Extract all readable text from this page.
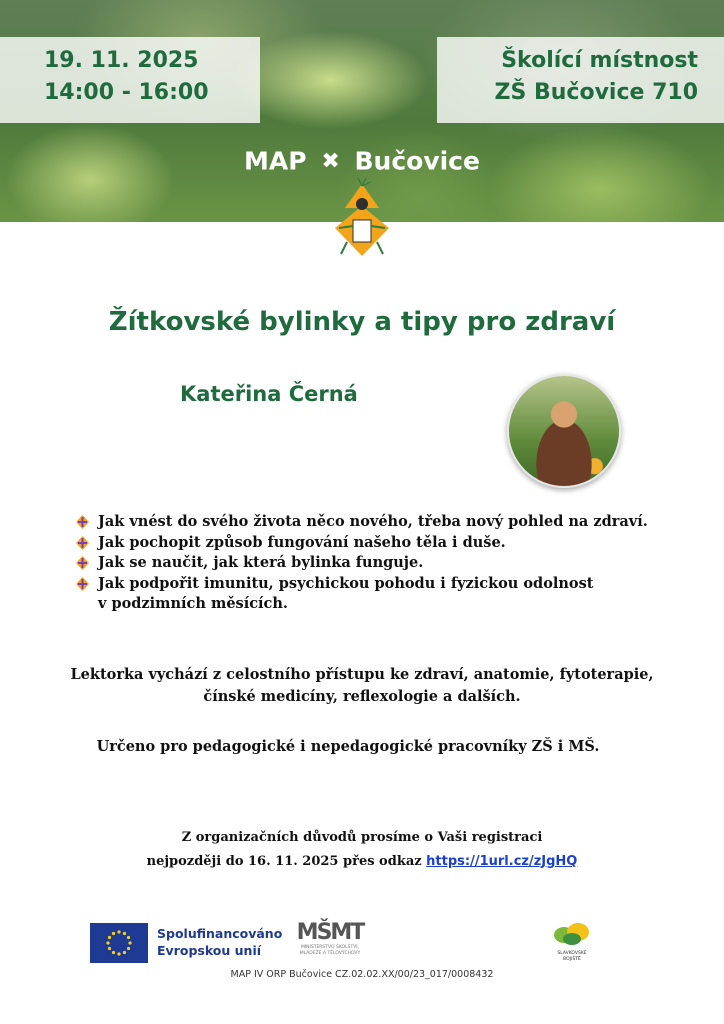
19. 11. 2025
14:00 - 16:00
Školící místnost
ZŠ Bučovice 710
MAP ✖ Bučovice
Žítkovské bylinky a tipy pro zdraví
Kateřina Černá
Jak vnést do svého života něco nového, třeba nový pohled na zdraví.
Jak pochopit způsob fungování našeho těla i duše.
Jak se naučit, jak která bylinka funguje.
Jak podpořit imunitu, psychickou pohodu i fyzickou odolnost
v podzimních měsících.
Lektorka vychází z celostního přístupu ke zdraví, anatomie, fytoterapie,
čínské medicíny, reflexologie a dalších.
Určeno pro pedagogické i nepedagogické pracovníky ZŠ i MŠ.
Z organizačních důvodů prosíme o Vaši registraci
nejpozději do 16. 11. 2025 přes odkaz https://1url.cz/zJgHQ
Spolufinancováno
Evropskou unií
MŠMT
MINISTERSTVO ŠKOLSTVÍ,
MLÁDEŽE A TĚLOVÝCHOVY	SLAVKOVSKÉ
BOJIŠTĚ
MAP IV ORP Bučovice CZ.02.02.XX/00/23_017/0008432
